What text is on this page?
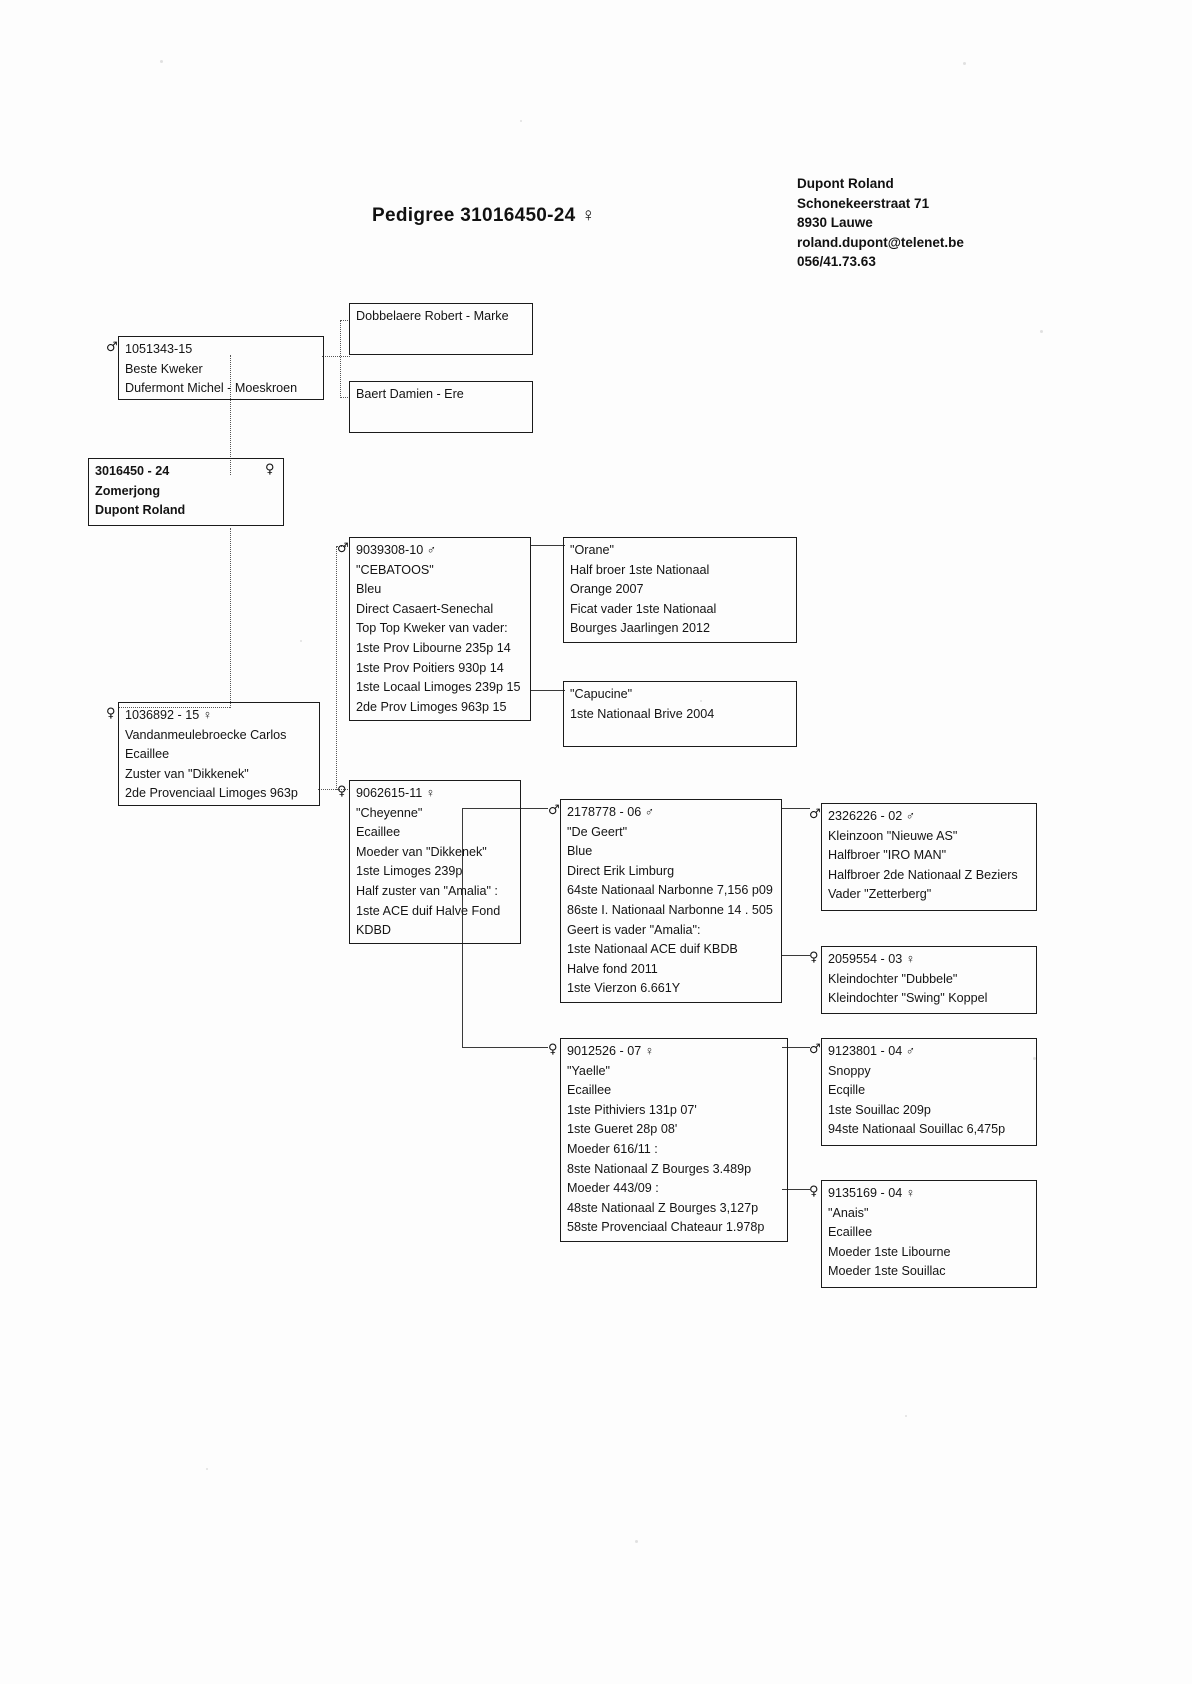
Pedigree 31016450-24 ♀
Dupont Roland
Schonekeerstraat 71
8930 Lauwe
roland.dupont@telenet.be
056/41.73.63
♂ 1051343-15
Beste Kweker
Dufermont Michel - Moeskroen
Dobbelaere Robert - Marke
Baert Damien - Ere
3016450 - 24
Zomerjong
Dupont Roland
♀
♀ 1036892 - 15 ♀
Vandanmeulebroecke Carlos
Ecaillee
Zuster van "Dikkenek"
2de Provenciaal Limoges 963p
♂ 9039308-10 ♂
"CEBATOOS"
Bleu
Direct Casaert-Senechal
Top Top Kweker van vader:
1ste Prov Libourne 235p 14
1ste Prov Poitiers 930p 14
1ste Locaal Limoges 239p 15
2de Prov Limoges 963p 15
"Orane"
Half broer 1ste Nationaal
Orange 2007
Ficat vader 1ste Nationaal
Bourges Jaarlingen 2012
"Capucine"
1ste Nationaal Brive 2004
♀ 9062615-11 ♀
"Cheyenne"
Ecaillee
Moeder van "Dikkenek"
1ste Limoges 239p
Half zuster van "Amalia" :
1ste ACE duif Halve Fond
KDBD
♂ 2178778 - 06 ♂
"De Geert"
Blue
Direct Erik Limburg
64ste Nationaal Narbonne 7,156 p09
86ste I. Nationaal Narbonne 14 . 505
Geert is vader "Amalia":
1ste Nationaal ACE duif KBDB
Halve fond 2011
1ste Vierzon 6.661Y
♀ 9012526 - 07 ♀
"Yaelle"
Ecaillee
1ste Pithiviers 131p 07'
1ste Gueret 28p 08'
Moeder 616/11 :
8ste Nationaal Z Bourges 3.489p
Moeder 443/09 :
48ste Nationaal Z Bourges 3,127p
58ste Provenciaal Chateaur 1.978p
♂ 2326226 - 02 ♂
Kleinzoon "Nieuwe AS"
Halfbroer "IRO MAN"
Halfbroer 2de Nationaal Z Beziers
Vader "Zetterberg"
♀ 2059554 - 03 ♀
Kleindochter "Dubbele"
Kleindochter "Swing" Koppel
♂ 9123801 - 04 ♂
Snoppy
Ecqille
1ste Souillac 209p
94ste Nationaal Souillac 6,475p
♀ 9135169 - 04 ♀
"Anais"
Ecaillee
Moeder 1ste Libourne
Moeder 1ste Souillac
